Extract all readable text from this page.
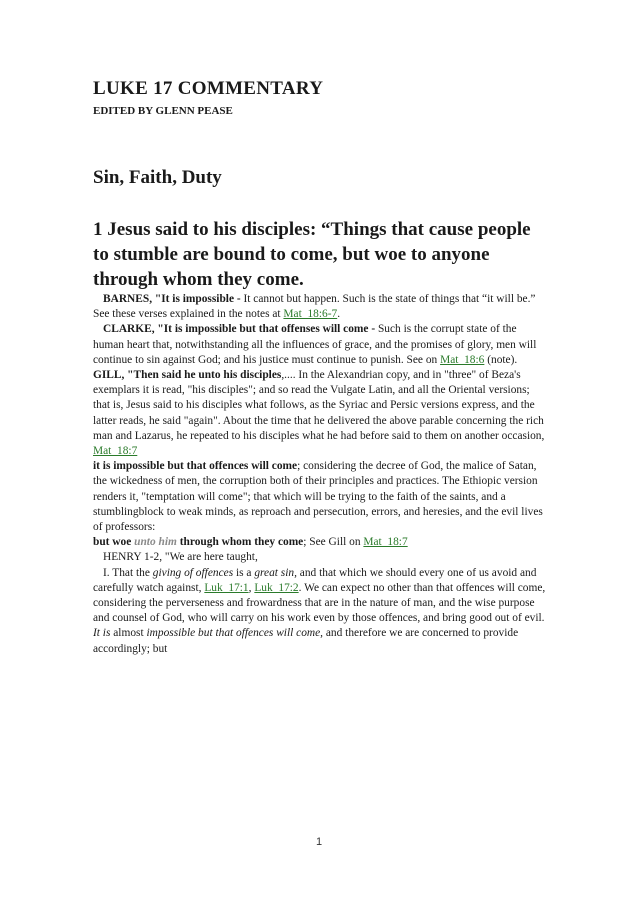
LUKE 17 COMMENTARY
EDITED BY GLENN PEASE
Sin, Faith, Duty
1 Jesus said to his disciples: “Things that cause people to stumble are bound to come, but woe to anyone through whom they come.

BARNES, "It is impossible - It cannot but happen. Such is the state of things that “it will be.” See these verses explained in the notes at Mat_18:6-7.

CLARKE, "It is impossible but that offenses will come - Such is the corrupt state of the human heart that, notwithstanding all the influences of grace, and the promises of glory, men will continue to sin against God; and his justice must continue to punish. See on Mat_18:6 (note).

GILL, "Then said he unto his disciples,.... In the Alexandrian copy, and in "three" of Beza's exemplars it is read, "his disciples"; and so read the Vulgate Latin, and all the Oriental versions; that is, Jesus said to his disciples what follows, as the Syriac and Persic versions express, and the latter reads, he said "again". About the time that he delivered the above parable concerning the rich man and Lazarus, he repeated to his disciples what he had before said to them on another occasion, Mat_18:7

it is impossible but that offences will come; considering the decree of God, the malice of Satan, the wickedness of men, the corruption both of their principles and practices. The Ethiopic version renders it, "temptation will come"; that which will be trying to the faith of the saints, and a stumblingblock to weak minds, as reproach and persecution, errors, and heresies, and the evil lives of professors:

but woe unto him through whom they come; See Gill on Mat_18:7

HENRY 1-2, "We are here taught,

I. That the giving of offences is a great sin, and that which we should every one of us avoid and carefully watch against, Luk_17:1, Luk_17:2. We can expect no other than that offences will come, considering the perverseness and frowardness that are in the nature of man, and the wise purpose and counsel of God, who will carry on his work even by those offences, and bring good out of evil. It is almost impossible but that offences will come, and therefore we are concerned to provide accordingly; but

1
